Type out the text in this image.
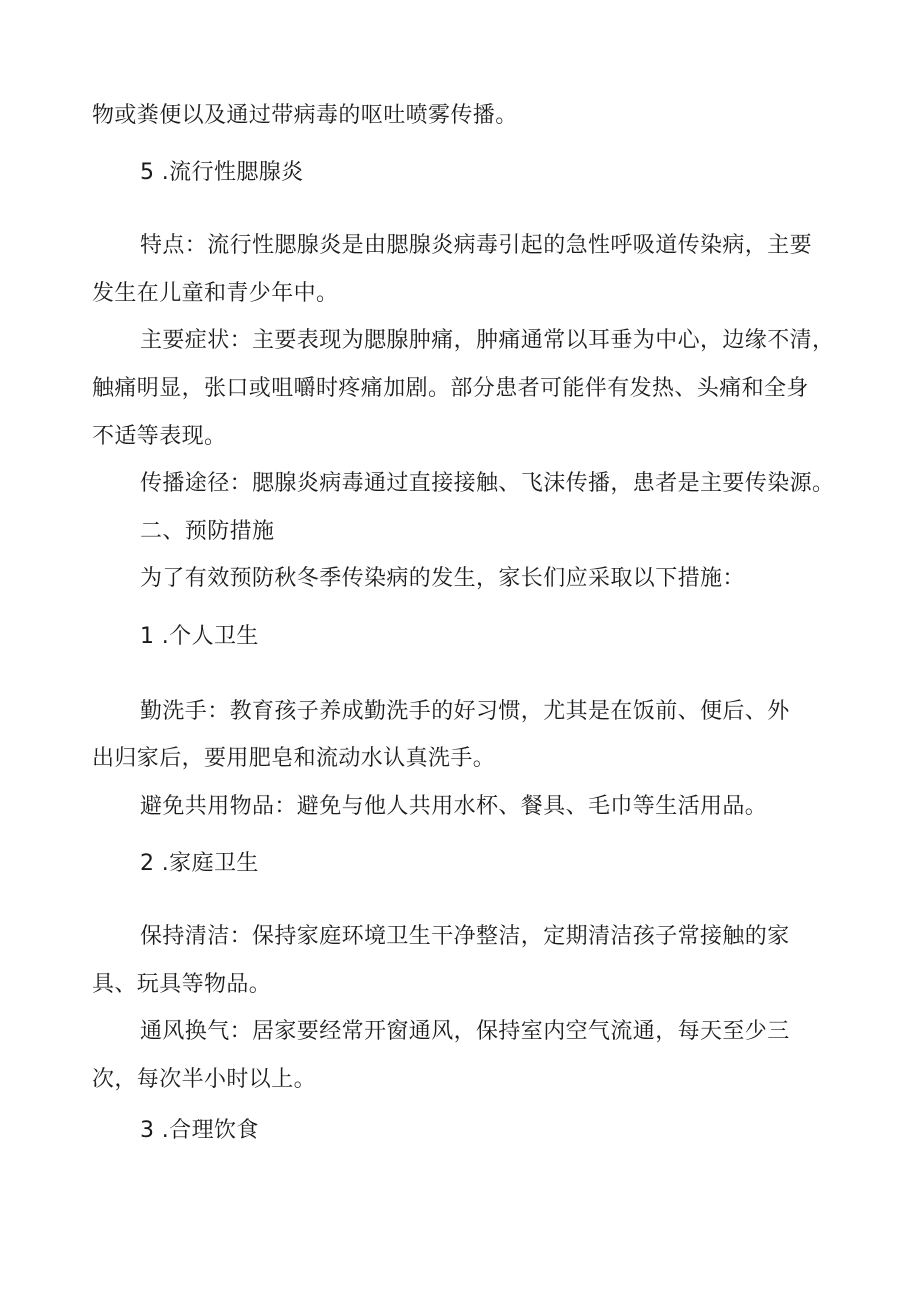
物或粪便以及通过带病毒的呕吐喷雾传播。
5 .流行性腮腺炎
特点：流行性腮腺炎是由腮腺炎病毒引起的急性呼吸道传染病，主要
发生在儿童和青少年中。
主要症状：主要表现为腮腺肿痛，肿痛通常以耳垂为中心，边缘不清，
触痛明显，张口或咀嚼时疼痛加剧。部分患者可能伴有发热、头痛和全身
不适等表现。
传播途径：腮腺炎病毒通过直接接触、飞沫传播，患者是主要传染源。
二、预防措施
为了有效预防秋冬季传染病的发生，家长们应采取以下措施：
1 .个人卫生
勤洗手：教育孩子养成勤洗手的好习惯，尤其是在饭前、便后、外
出归家后，要用肥皂和流动水认真洗手。
避免共用物品：避免与他人共用水杯、餐具、毛巾等生活用品。
2 .家庭卫生
保持清洁：保持家庭环境卫生干净整洁，定期清洁孩子常接触的家
具、玩具等物品。
通风换气：居家要经常开窗通风，保持室内空气流通，每天至少三
次，每次半小时以上。
3 .合理饮食
